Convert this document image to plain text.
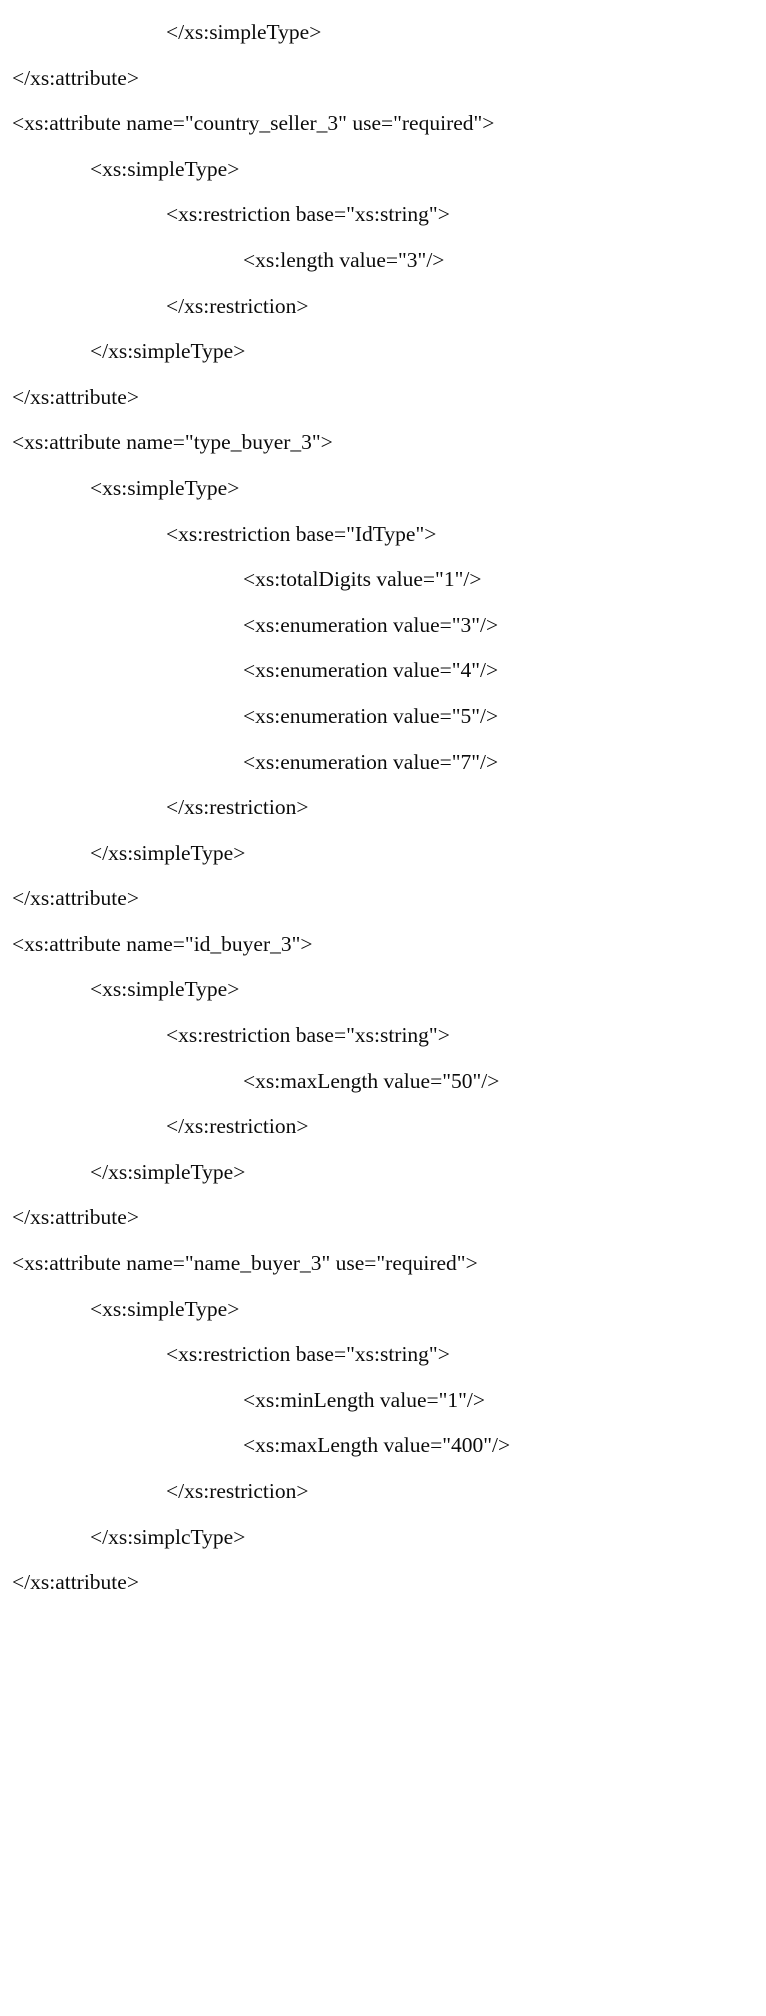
</xs:simpleType>
</xs:attribute>
<xs:attribute name="country_seller_3" use="required">
<xs:simpleType>
<xs:restriction base="xs:string">
<xs:length value="3"/>
</xs:restriction>
</xs:simpleType>
</xs:attribute>
<xs:attribute name="type_buyer_3">
<xs:simpleType>
<xs:restriction base="IdType">
<xs:totalDigits value="1"/>
<xs:enumeration value="3"/>
<xs:enumeration value="4"/>
<xs:enumeration value="5"/>
<xs:enumeration value="7"/>
</xs:restriction>
</xs:simpleType>
</xs:attribute>
<xs:attribute name="id_buyer_3">
<xs:simpleType>
<xs:restriction base="xs:string">
<xs:maxLength value="50"/>
</xs:restriction>
</xs:simpleType>
</xs:attribute>
<xs:attribute name="name_buyer_3" use="required">
<xs:simpleType>
<xs:restriction base="xs:string">
<xs:minLength value="1"/>
<xs:maxLength value="400"/>
</xs:restriction>
</xs:simplcType>
</xs:attribute>
